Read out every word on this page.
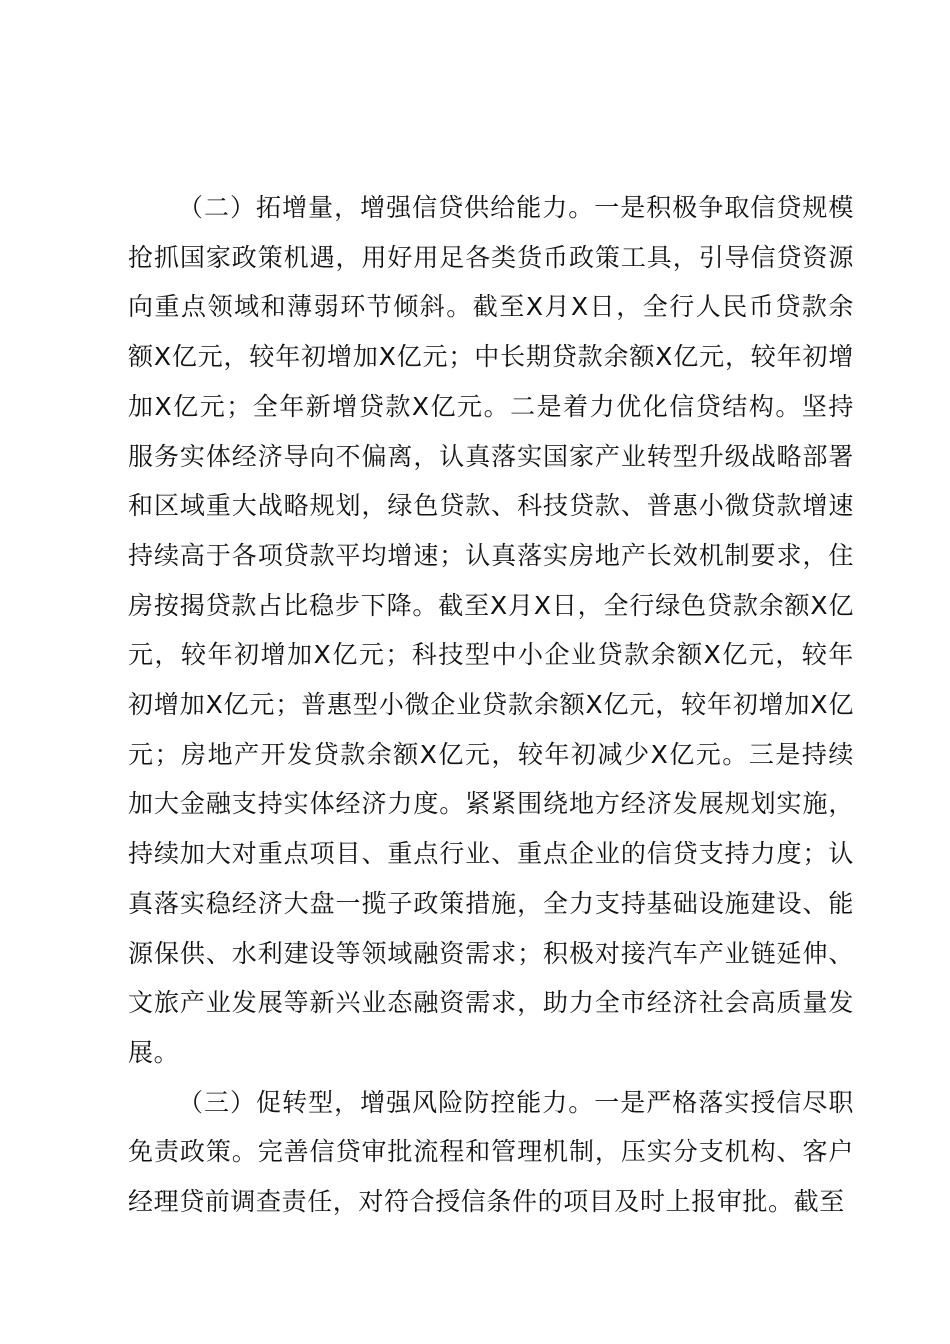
（二）拓增量，增强信贷供给能力。一是积极争取信贷规模抢抓国家政策机遇，用好用足各类货币政策工具，引导信贷资源向重点领域和薄弱环节倾斜。截至X月X日，全行人民币贷款余额X亿元，较年初增加X亿元；中长期贷款余额X亿元，较年初增加X亿元；全年新增贷款X亿元。二是着力优化信贷结构。坚持服务实体经济导向不偏离，认真落实国家产业转型升级战略部署和区域重大战略规划，绿色贷款、科技贷款、普惠小微贷款增速持续高于各项贷款平均增速；认真落实房地产长效机制要求，住房按揭贷款占比稳步下降。截至X月X日，全行绿色贷款余额X亿元，较年初增加X亿元；科技型中小企业贷款余额X亿元，较年初增加X亿元；普惠型小微企业贷款余额X亿元，较年初增加X亿元；房地产开发贷款余额X亿元，较年初减少X亿元。三是持续加大金融支持实体经济力度。紧紧围绕地方经济发展规划实施，持续加大对重点项目、重点行业、重点企业的信贷支持力度；认真落实稳经济大盘一揽子政策措施，全力支持基础设施建设、能源保供、水利建设等领域融资需求；积极对接汽车产业链延伸、文旅产业发展等新兴业态融资需求，助力全市经济社会高质量发展。

（三）促转型，增强风险防控能力。一是严格落实授信尽职免责政策。完善信贷审批流程和管理机制，压实分支机构、客户经理贷前调查责任，对符合授信条件的项目及时上报审批。截至
